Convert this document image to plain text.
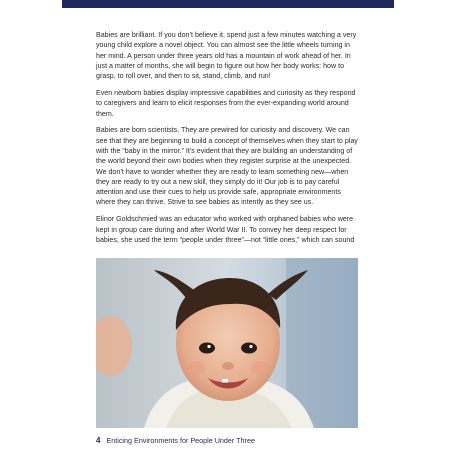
Babies are brilliant. If you don’t believe it, spend just a few minutes watching a very young child explore a novel object. You can almost see the little wheels turning in her mind. A person under three years old has a mountain of work ahead of her. In just a matter of months, she will begin to figure out how her body works: how to grasp, to roll over, and then to sit, stand, climb, and run!

Even newborn babies display impressive capabilities and curiosity as they respond to caregivers and learn to elicit responses from the ever-expanding world around them.

Babies are born scientists. They are prewired for curiosity and discovery. We can see that they are beginning to build a concept of themselves when they start to play with the “baby in the mirror.” It’s evident that they are building an understanding of the world beyond their own bodies when they register surprise at the unexpected. We don’t have to wonder whether they are ready to learn something new—when they are ready to try out a new skill, they simply do it! Our job is to pay careful attention and use their cues to help us provide safe, appropriate environments where they can thrive. Strive to see babies as intently as they see us.

Elinor Goldschmied was an educator who worked with orphaned babies who were kept in group care during and after World War II. To convey her deep respect for babies, she used the term “people under three”—not “little ones,” which can sound

4 Enticing Environments for People Under Three
